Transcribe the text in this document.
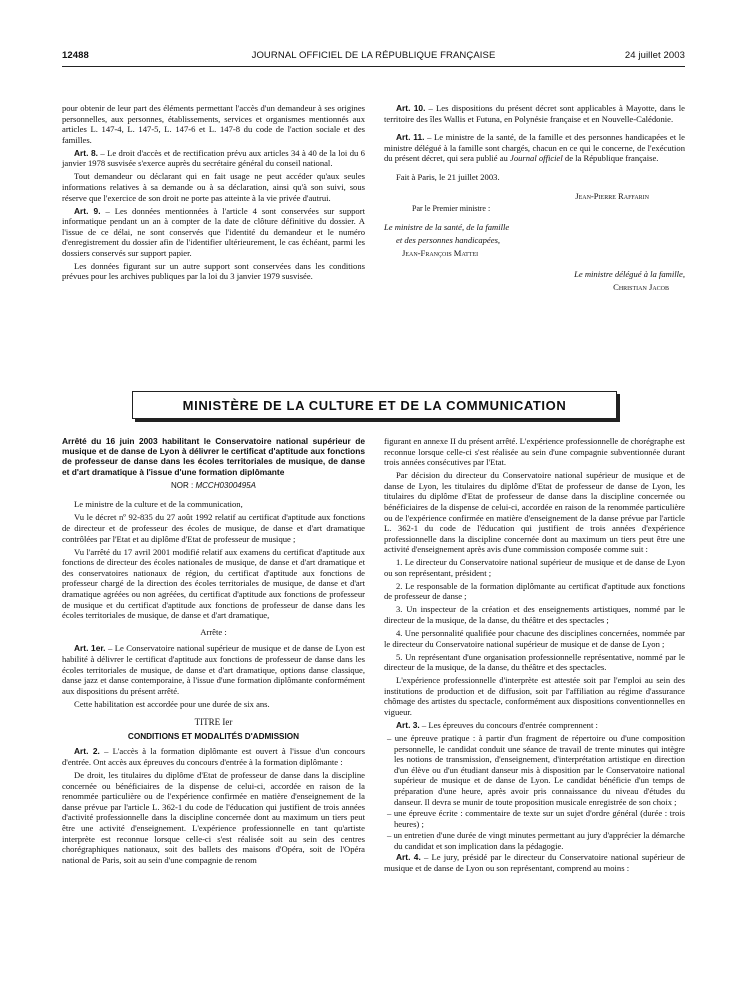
12488	JOURNAL OFFICIEL DE LA RÉPUBLIQUE FRANÇAISE	24 juillet 2003

pour obtenir de leur part des éléments permettant l'accès d'un demandeur à ses origines personnelles, aux personnes, établissements, services et organismes mentionnés aux articles L. 147-4, L. 147-5, L. 147-6 et L. 147-8 du code de l'action sociale et des familles.

Art. 8. – Le droit d'accès et de rectification prévu aux articles 34 à 40 de la loi du 6 janvier 1978 susvisée s'exerce auprès du secrétaire général du conseil national.

Tout demandeur ou déclarant qui en fait usage ne peut accéder qu'aux seules informations relatives à sa demande ou à sa déclaration, ainsi qu'à son suivi, sous réserve que l'exercice de son droit ne porte pas atteinte à la vie privée d'autrui.

Art. 9. – Les données mentionnées à l'article 4 sont conservées sur support informatique pendant un an à compter de la date de clôture définitive du dossier. A l'issue de ce délai, ne sont conservés que l'identité du demandeur et le numéro d'enregistrement du dossier afin de l'identifier ultérieurement, le cas échéant, parmi les dossiers conservés sur support papier.

Les données figurant sur un autre support sont conservées dans les conditions prévues pour les archives publiques par la loi du 3 janvier 1979 susvisée.

Art. 10. – Les dispositions du présent décret sont applicables à Mayotte, dans le territoire des îles Wallis et Futuna, en Polynésie française et en Nouvelle-Calédonie.

Art. 11. – Le ministre de la santé, de la famille et des personnes handicapées et le ministre délégué à la famille sont chargés, chacun en ce qui le concerne, de l'exécution du présent décret, qui sera publié au Journal officiel de la République française.

Fait à Paris, le 21 juillet 2003.

Jean-Pierre Raffarin

Par le Premier ministre :

Le ministre de la santé, de la famille

et des personnes handicapées,

Jean-François Mattei

Le ministre délégué à la famille,

Christian Jacob

MINISTÈRE DE LA CULTURE ET DE LA COMMUNICATION
Arrêté du 16 juin 2003 habilitant le Conservatoire national supérieur de musique et de danse de Lyon à délivrer le certificat d'aptitude aux fonctions de professeur de danse dans les écoles territoriales de musique, de danse et d'art dramatique à l'issue d'une formation diplômante
NOR : MCCH0300495A

Le ministre de la culture et de la communication,

Vu le décret nº 92-835 du 27 août 1992 relatif au certificat d'aptitude aux fonctions de directeur et de professeur des écoles de musique, de danse et d'art dramatique contrôlées par l'Etat et au diplôme d'Etat de professeur de musique ;

Vu l'arrêté du 17 avril 2001 modifié relatif aux examens du certificat d'aptitude aux fonctions de directeur des écoles nationales de musique, de danse et d'art dramatique et des conservatoires nationaux de région, du certificat d'aptitude aux fonctions de professeur chargé de la direction des écoles territoriales de musique, de danse et d'art dramatique agréées ou non agréées, du certificat d'aptitude aux fonctions de professeur de musique et du certificat d'aptitude aux fonctions de professeur de danse dans les écoles territoriales de musique, de danse et d'art dramatique,

Arrête :

Art. 1er. – Le Conservatoire national supérieur de musique et de danse de Lyon est habilité à délivrer le certificat d'aptitude aux fonctions de professeur de danse dans les écoles territoriales de musique, de danse et d'art dramatique, options danse classique, danse jazz et danse contemporaine, à l'issue d'une formation diplômante conformément aux dispositions du présent arrêté.

Cette habilitation est accordée pour une durée de six ans.

TITRE Ier
CONDITIONS ET MODALITÉS D'ADMISSION

Art. 2. – L'accès à la formation diplômante est ouvert à l'issue d'un concours d'entrée. Ont accès aux épreuves du concours d'entrée à la formation diplômante :

De droit, les titulaires du diplôme d'Etat de professeur de danse dans la discipline concernée ou bénéficiaires de la dispense de celui-ci, accordée en raison de la renommée particulière ou de l'expérience confirmée en matière d'enseignement de la danse prévue par l'article L. 362-1 du code de l'éducation qui justifient de trois années d'activité professionnelle dans la discipline concernée dont au maximum un tiers peut être une activité d'enseignement. L'expérience professionnelle en tant qu'artiste interprète est reconnue lorsque celle-ci s'est réalisée soit au sein des centres chorégraphiques nationaux, soit des ballets des maisons d'Opéra, soit de l'Opéra national de Paris, soit au sein d'une compagnie de renom

figurant en annexe II du présent arrêté. L'expérience professionnelle de chorégraphe est reconnue lorsque celle-ci s'est réalisée au sein d'une compagnie subventionnée durant trois années consécutives par l'Etat.

Par décision du directeur du Conservatoire national supérieur de musique et de danse de Lyon, les titulaires du diplôme d'Etat de professeur de danse de Lyon, les titulaires du diplôme d'Etat de professeur de danse dans la discipline concernée ou bénéficiaires de la dispense de celui-ci, accordée en raison de la renommée particulière ou de l'expérience confirmée en matière d'enseignement de la danse prévue par l'article L. 362-1 du code de l'éducation qui justifient de trois années d'expérience professionnelle dans la discipline concernée dont au maximum un tiers peut être une activité d'enseignement après avis d'une commission composée comme suit :

1. Le directeur du Conservatoire national supérieur de musique et de danse de Lyon ou son représentant, président ;

2. Le responsable de la formation diplômante au certificat d'aptitude aux fonctions de professeur de danse ;

3. Un inspecteur de la création et des enseignements artistiques, nommé par le directeur de la musique, de la danse, du théâtre et des spectacles ;

4. Une personnalité qualifiée pour chacune des disciplines concernées, nommée par le directeur du Conservatoire national supérieur de musique et de danse de Lyon ;

5. Un représentant d'une organisation professionnelle représentative, nommé par le directeur de la musique, de la danse, du théâtre et des spectacles.

L'expérience professionnelle d'interprète est attestée soit par l'emploi au sein des institutions de production et de diffusion, soit par l'affiliation au régime d'assurance chômage des artistes du spectacle, conformément aux dispositions conventionnelles en vigueur.

Art. 3. – Les épreuves du concours d'entrée comprennent :

– une épreuve pratique : à partir d'un fragment de répertoire ou d'une composition personnelle, le candidat conduit une séance de travail de trente minutes qui intègre les notions de transmission, d'enseignement, d'interprétation artistique en direction d'un élève ou d'un étudiant danseur mis à disposition par le Conservatoire national supérieur de musique et de danse de Lyon. Le candidat bénéficie d'un temps de préparation d'une heure, après avoir pris connaissance du niveau d'études du danseur. Il devra se munir de toute proposition musicale enregistrée de son choix ;
– une épreuve écrite : commentaire de texte sur un sujet d'ordre général (durée : trois heures) ;
– un entretien d'une durée de vingt minutes permettant au jury d'apprécier la démarche du candidat et son implication dans la pédagogie.

Art. 4. – Le jury, présidé par le directeur du Conservatoire national supérieur de musique et de danse de Lyon ou son représentant, comprend au moins :
